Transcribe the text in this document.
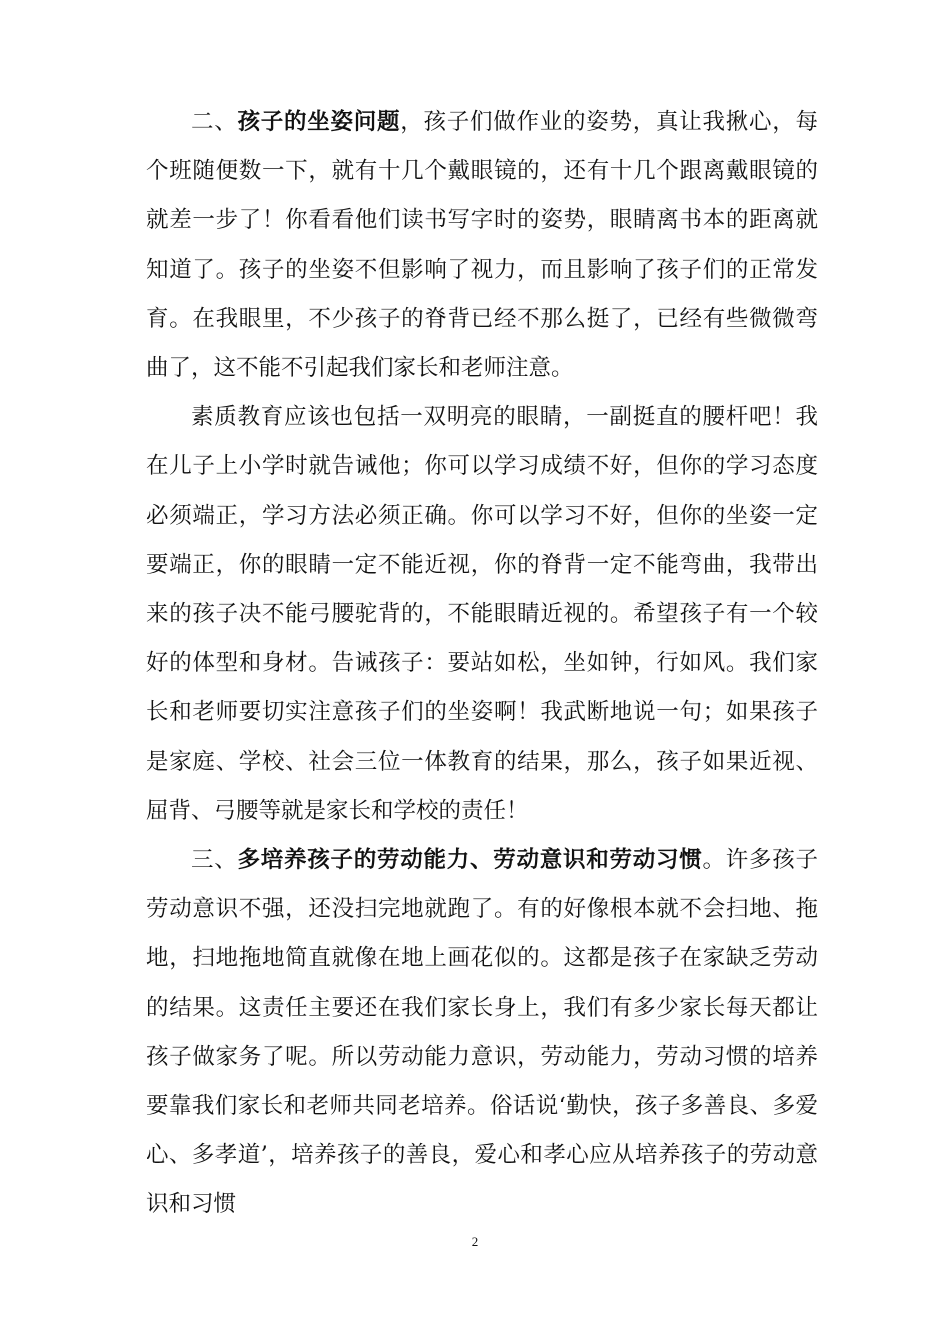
二、孩子的坐姿问题，孩子们做作业的姿势，真让我揪心，每个班随便数一下，就有十几个戴眼镜的，还有十几个跟离戴眼镜的就差一步了！你看看他们读书写字时的姿势，眼睛离书本的距离就知道了。孩子的坐姿不但影响了视力，而且影响了孩子们的正常发育。在我眼里，不少孩子的脊背已经不那么挺了，已经有些微微弯曲了，这不能不引起我们家长和老师注意。

素质教育应该也包括一双明亮的眼睛，一副挺直的腰杆吧！我在儿子上小学时就告诫他；你可以学习成绩不好，但你的学习态度必须端正，学习方法必须正确。你可以学习不好，但你的坐姿一定要端正，你的眼睛一定不能近视，你的脊背一定不能弯曲，我带出来的孩子决不能弓腰驼背的，不能眼睛近视的。希望孩子有一个较好的体型和身材。告诫孩子：要站如松，坐如钟，行如风。我们家长和老师要切实注意孩子们的坐姿啊！我武断地说一句；如果孩子是家庭、学校、社会三位一体教育的结果，那么，孩子如果近视、屈背、弓腰等就是家长和学校的责任！

三、多培养孩子的劳动能力、劳动意识和劳动习惯。许多孩子劳动意识不强，还没扫完地就跑了。有的好像根本就不会扫地、拖地，扫地拖地简直就像在地上画花似的。这都是孩子在家缺乏劳动的结果。这责任主要还在我们家长身上，我们有多少家长每天都让孩子做家务了呢。所以劳动能力意识，劳动能力，劳动习惯的培养要靠我们家长和老师共同老培养。俗话说‘勤快，孩子多善良、多爱心、多孝道’，培养孩子的善良，爱心和孝心应从培养孩子的劳动意识和习惯

2
